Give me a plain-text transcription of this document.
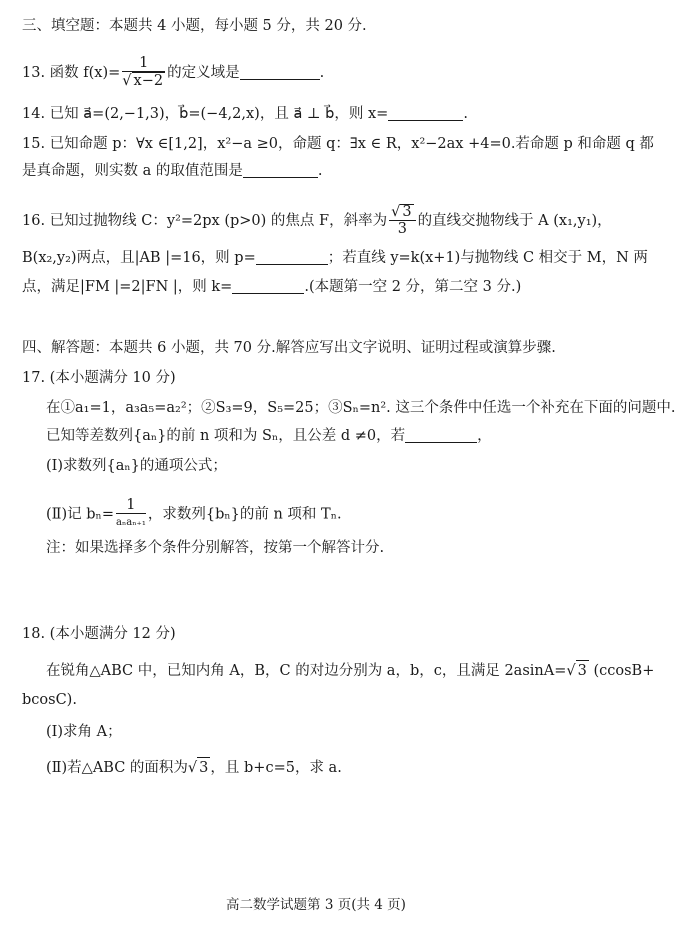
三、填空题：本题共 4 小题，每小题 5 分，共 20 分.
13. 函数 $f(x)= \frac{1}{√ x-2}$ 的定义域是	.
14. 已知 a⃗=(2,−1,3)，b⃗=(−4,2,x)，且 a⃗ ⊥ b⃗，则 x=	.
15. 已知命题 p：∀x ∈[1,2]，x²−a ≥0，命题 q：∃x ∈ R，x²−2ax +4=0.若命题 p 和命题 q 都
是真命题，则实数 a 的取值范围是	.
16. 已知过抛物线 C：y²=2px (p>0) 的焦点 F，斜率为 $\frac{√ 3}{3}$ 的直线交抛物线于 A (x₁,y₁)，
B(x₂,y₂)两点，且|AB |=16，则 p=	；若直线 y=k(x+1)与抛物线 C 相交于 M，N 两
点，满足|FM |=2|FN |，则 k=	.(本题第一空 2 分，第二空 3 分.)
四、解答题：本题共 6 小题，共 70 分.解答应写出文字说明、证明过程或演算步骤.
17. (本小题满分 10 分)
在①a₁=1，a₃a₅=a₂²；②S₃=9，S₅=25；③Sₙ=n². 这三个条件中任选一个补充在下面的问题中.
已知等差数列{aₙ}的前 n 项和为 Sₙ，且公差 d ≠0，若	，
(Ⅰ)求数列{aₙ}的通项公式；
(Ⅱ)记 $b_n= \frac{1}{\text{aₙaₙ₊₁}}$ ，求数列{bₙ}的前 n 项和 Tₙ.
注：如果选择多个条件分别解答，按第一个解答计分.
18. (本小题满分 12 分)
在锐角△ABC 中，已知内角 A，B，C 的对边分别为 a，b，c，且满足 2asinA=√ 3 (ccosB+
bcosC).
(Ⅰ)求角 A；
(Ⅱ)若△ABC 的面积为√ 3 ，且 b+c=5，求 a.
高二数学试题第 3 页(共 4 页)
